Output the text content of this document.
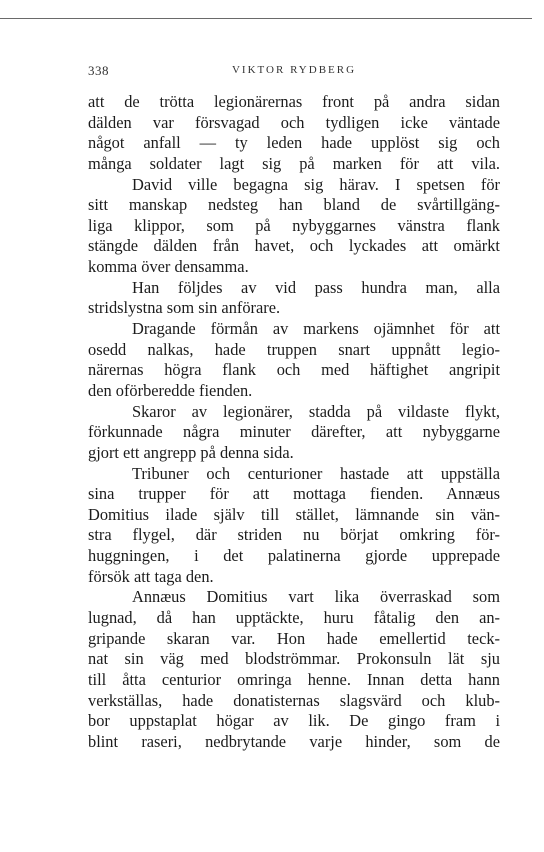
338	VIKTOR RYDBERG
att de trötta legionärernas front på andra sidan
dälden var försvagad och tydligen icke väntade
något anfall — ty leden hade upplöst sig och
många soldater lagt sig på marken för att vila.
David ville begagna sig härav. I spetsen för
sitt manskap nedsteg han bland de svårtillgäng-
liga klippor, som på nybyggarnes vänstra flank
stängde dälden från havet, och lyckades att omärkt
komma över densamma.
Han följdes av vid pass hundra man, alla
stridslystna som sin anförare.
Dragande förmån av markens ojämnhet för att
osedd nalkas, hade truppen snart uppnått legio-
närernas högra flank och med häftighet angripit
den oförberedde fienden.
Skaror av legionärer, stadda på vildaste flykt,
förkunnade några minuter därefter, att nybyggarne
gjort ett angrepp på denna sida.
Tribuner och centurioner hastade att uppställa
sina trupper för att mottaga fienden. Annæus
Domitius ilade själv till stället, lämnande sin vän-
stra flygel, där striden nu börjat omkring för-
huggningen, i det palatinerna gjorde upprepade
försök att taga den.
Annæus Domitius vart lika överraskad som
lugnad, då han upptäckte, huru fåtalig den an-
gripande skaran var. Hon hade emellertid teck-
nat sin väg med blodströmmar. Prokonsuln lät sju
till åtta centurior omringa henne. Innan detta hann
verkställas, hade donatisternas slagsvärd och klub-
bor uppstaplat högar av lik. De gingo fram i
blint raseri, nedbrytande varje hinder, som de
